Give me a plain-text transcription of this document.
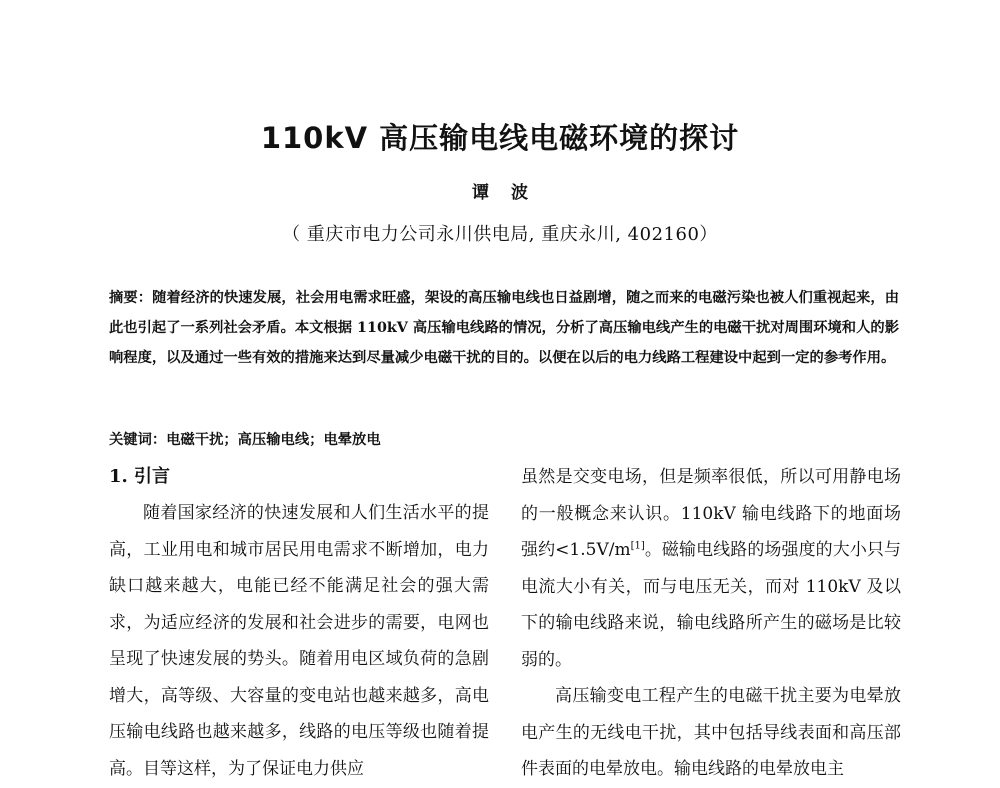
110kV 高压输电线电磁环境的探讨
谭波
（ 重庆市电力公司永川供电局, 重庆永川, 402160）

摘要：随着经济的快速发展，社会用电需求旺盛，架设的高压输电线也日益剧增，随之而来的电磁污染也被人们重视起来，由此也引起了一系列社会矛盾。本文根据 110kV 高压输电线路的情况，分析了高压输电线产生的电磁干扰对周围环境和人的影响程度，以及通过一些有效的措施来达到尽量减少电磁干扰的目的。以便在以后的电力线路工程建设中起到一定的参考作用。

关键词：电磁干扰；高压输电线；电晕放电

1. 引言

随着国家经济的快速发展和人们生活水平的提高，工业用电和城市居民用电需求不断增加，电力缺口越来越大，电能已经不能满足社会的强大需求，为适应经济的发展和社会进步的需要，电网也呈现了快速发展的势头。随着用电区域负荷的急剧增大，高等级、大容量的变电站也越来越多，高电压输电线路也越来越多，线路的电压等级也随着提高。目等这样，为了保证电力供应

虽然是交变电场，但是频率很低，所以可用静电场的一般概念来认识。110kV 输电线路下的地面场强约<1.5V/m[1]。磁输电线路的场强度的大小只与电流大小有关，而与电压无关，而对 110kV 及以下的输电线路来说，输电线路所产生的磁场是比较弱的。

高压输变电工程产生的电磁干扰主要为电晕放电产生的无线电干扰，其中包括导线表面和高压部件表面的电晕放电。输电线路的电晕放电主
